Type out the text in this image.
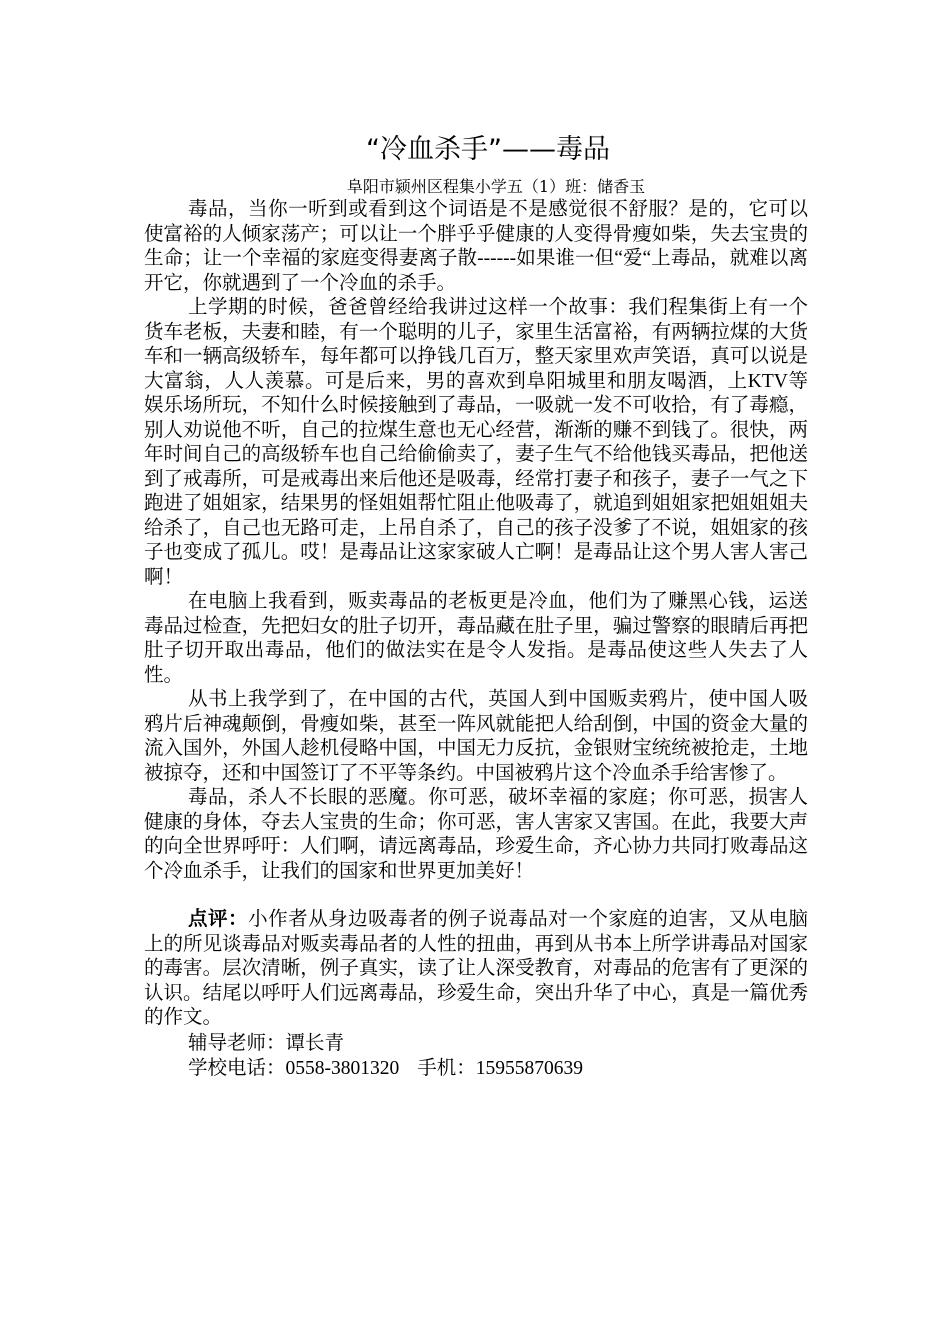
“冷血杀手”——毒品
阜阳市颍州区程集小学五（1）班：储香玉

毒品，当你一听到或看到这个词语是不是感觉很不舒服？是的，它可以使富裕的人倾家荡产；可以让一个胖乎乎健康的人变得骨瘦如柴，失去宝贵的生命；让一个幸福的家庭变得妻离子散------如果谁一但“爱“上毒品，就难以离开它，你就遇到了一个冷血的杀手。

上学期的时候，爸爸曾经给我讲过这样一个故事：我们程集街上有一个货车老板，夫妻和睦，有一个聪明的儿子，家里生活富裕，有两辆拉煤的大货车和一辆高级轿车，每年都可以挣钱几百万，整天家里欢声笑语，真可以说是大富翁，人人羡慕。可是后来，男的喜欢到阜阳城里和朋友喝酒，上KTV等娱乐场所玩，不知什么时候接触到了毒品，一吸就一发不可收拾，有了毒瘾，别人劝说他不听，自己的拉煤生意也无心经营，渐渐的赚不到钱了。很快，两年时间自己的高级轿车也自己给偷偷卖了，妻子生气不给他钱买毒品，把他送到了戒毒所，可是戒毒出来后他还是吸毒，经常打妻子和孩子，妻子一气之下跑进了姐姐家，结果男的怪姐姐帮忙阻止他吸毒了，就追到姐姐家把姐姐姐夫给杀了，自己也无路可走，上吊自杀了，自己的孩子没爹了不说，姐姐家的孩子也变成了孤儿。哎！是毒品让这家家破人亡啊！是毒品让这个男人害人害己啊！

在电脑上我看到，贩卖毒品的老板更是冷血，他们为了赚黑心钱，运送毒品过检查，先把妇女的肚子切开，毒品藏在肚子里，骗过警察的眼睛后再把肚子切开取出毒品，他们的做法实在是令人发指。是毒品使这些人失去了人性。

从书上我学到了，在中国的古代，英国人到中国贩卖鸦片，使中国人吸鸦片后神魂颠倒，骨瘦如柴，甚至一阵风就能把人给刮倒，中国的资金大量的流入国外，外国人趁机侵略中国，中国无力反抗，金银财宝统统被抢走，土地被掠夺，还和中国签订了不平等条约。中国被鸦片这个冷血杀手给害惨了。

毒品，杀人不长眼的恶魔。你可恶，破坏幸福的家庭；你可恶，损害人健康的身体，夺去人宝贵的生命；你可恶，害人害家又害国。在此，我要大声的向全世界呼吁：人们啊，请远离毒品，珍爱生命，齐心协力共同打败毒品这个冷血杀手，让我们的国家和世界更加美好！

点评：小作者从身边吸毒者的例子说毒品对一个家庭的迫害，又从电脑上的所见谈毒品对贩卖毒品者的人性的扭曲，再到从书本上所学讲毒品对国家的毒害。层次清晰，例子真实，读了让人深受教育，对毒品的危害有了更深的认识。结尾以呼吁人们远离毒品，珍爱生命，突出升华了中心，真是一篇优秀的作文。

辅导老师：谭长青

学校电话：0558-3801320 手机：15955870639
